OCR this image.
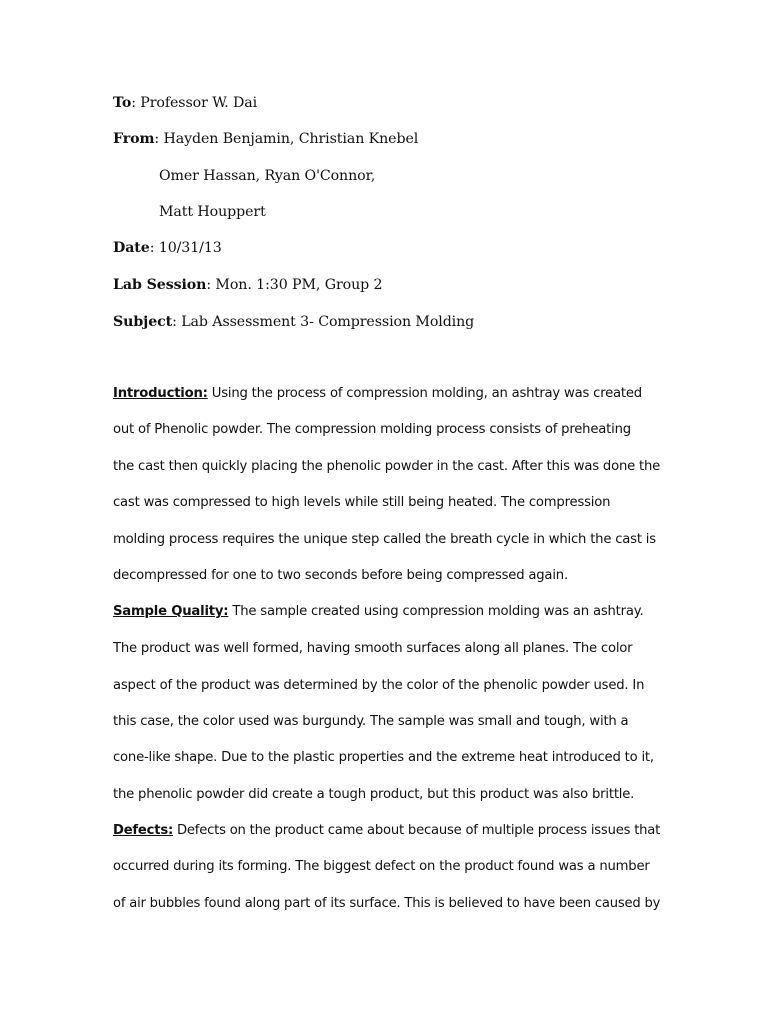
To: Professor W. Dai
From: Hayden Benjamin, Christian Knebel
Omer Hassan, Ryan O'Connor,
Matt Houppert
Date: 10/31/13
Lab Session: Mon. 1:30 PM, Group 2
Subject: Lab Assessment 3- Compression Molding
Introduction: Using the process of compression molding, an ashtray was created
out of Phenolic powder. The compression molding process consists of preheating
the cast then quickly placing the phenolic powder in the cast. After this was done the
cast was compressed to high levels while still being heated. The compression
molding process requires the unique step called the breath cycle in which the cast is
decompressed for one to two seconds before being compressed again.
Sample Quality: The sample created using compression molding was an ashtray.
The product was well formed, having smooth surfaces along all planes. The color
aspect of the product was determined by the color of the phenolic powder used. In
this case, the color used was burgundy. The sample was small and tough, with a
cone-like shape. Due to the plastic properties and the extreme heat introduced to it,
the phenolic powder did create a tough product, but this product was also brittle.
Defects: Defects on the product came about because of multiple process issues that
occurred during its forming. The biggest defect on the product found was a number
of air bubbles found along part of its surface. This is believed to have been caused by
